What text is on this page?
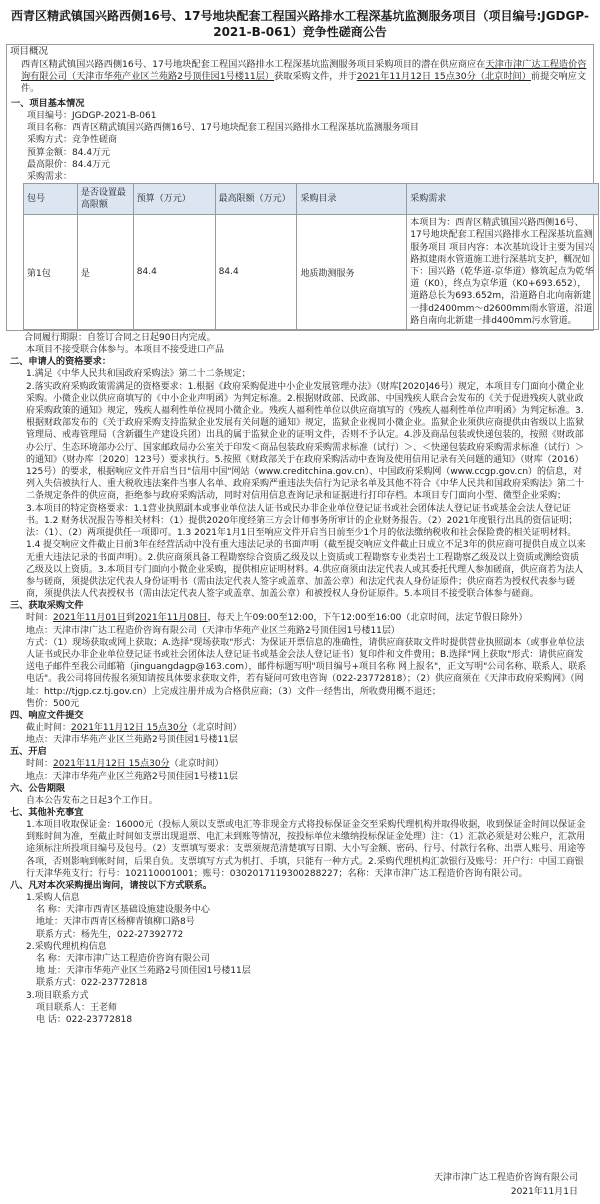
西青区精武镇国兴路西侧16号、17号地块配套工程国兴路排水工程深基坑监测服务项目（项目编号:JGDGP-2021-B-061）竞争性磋商公告
项目概况
西青区精武镇国兴路西侧16号、17号地块配套工程国兴路排水工程深基坑监测服务项目采购项目的潜在供应商应在天津市津广达工程造价咨询有限公司（天津市华苑产业区兰苑路2号顶佳园1号楼11层）获取采购文件，并于2021年11月12日 15点30分（北京时间）前提交响应文件。
一、项目基本情况
项目编号：JGDGP-2021-B-061
项目名称：西青区精武镇国兴路西侧16号、17号地块配套工程国兴路排水工程深基坑监测服务项目
采购方式：竞争性磋商
预算金额：84.4万元
最高限价：84.4万元
采购需求：
包号	是否设置最高限额	预算（万元）	最高限额（万元）	采购目录	采购需求
第1包	是	84.4	84.4	地质勘测服务	本项目为：西青区精武镇国兴路西侧16号、17号地块配套工程国兴路排水工程深基坑监测服务项目 项目内容：本次基坑设计主要为国兴路拟建雨水管道施工进行深基坑支护，概况如下：国兴路（乾华道-京华道）修筑起点为乾华道（K0），终点为京华道（K0+693.652），道路总长为693.652m，沿道路自北向南新建一排d2400mm～d2600mm雨水管道，沿道路自南向北新建一排d400mm污水管道。
合同履行期限：自签订合同之日起90日内完成。
本项目不接受联合体参与。本项目不接受进口产品
二、申请人的资格要求：
1.满足《中华人民共和国政府采购法》第二十二条规定；
2.落实政府采购政策需满足的资格要求：1.根据《政府采购促进中小企业发展管理办法》（财库[2020]46号）规定，本项目专门面向小微企业采购。小微企业以供应商填写的《中小企业声明函》为判定标准。2.根据财政部、民政部、中国残疾人联合会发布的《关于促进残疾人就业政府采购政策的通知》规定，残疾人福利性单位视同小微企业。残疾人福利性单位以供应商填写的《残疾人福利性单位声明函》为判定标准。3.根据财政部发布的《关于政府采购支持监狱企业发展有关问题的通知》规定，监狱企业视同小微企业。监狱企业须供应商提供由省级以上监狱管理局、戒毒管理局（含新疆生产建设兵团）出具的属于监狱企业的证明文件，否则不予认定。4.涉及商品包装或快递包装的，按照《财政部办公厅、生态环境部办公厅、国家邮政局办公室关于印发＜商品包装政府采购需求标准（试行）＞、＜快递包装政府采购需求标准（试行）＞的通知》（财办库〔2020〕123号）要求执行。5.按照《财政部关于在政府采购活动中查询及使用信用记录有关问题的通知》（财库（2016）125号）的要求，根据响应文件开启当日"信用中国"网站（www.creditchina.gov.cn）、中国政府采购网（www.ccgp.gov.cn）的信息，对列入失信被执行人、重大税收违法案件当事人名单、政府采购严重违法失信行为记录名单及其他不符合《中华人民共和国政府采购法》第二十二条规定条件的供应商，拒绝参与政府采购活动，同时对信用信息查询记录和证据进行打印存档。本项目专门面向小型、微型企业采购；
3.本项目的特定资格要求：1.1营业执照副本或事业单位法人证书或民办非企业单位登记证书或社会团体法人登记证书或基金会法人登记证书。1.2 财务状况报告等相关材料：（1）提供2020年度经第三方会计师事务所审计的企业财务报告。（2）2021年度银行出具的资信证明；法：（1）、（2）两项提供任一项即可。1.3 2021年1月1日至响应文件开启当日前至少1个月的依法缴纳税收和社会保险费的相关证明材料。1.4 提交响应文件截止日前3年在经营活动中没有重大违法记录的书面声明（截至提交响应文件截止日成立不足3年的供应商可提供自成立以来无重大违法记录的书面声明）。2.供应商须具备工程勘察综合资质乙级及以上资质或工程勘察专业类岩土工程勘察乙级及以上资质或测绘资质乙级及以上资质。3.本项目专门面向小微企业采购，提供相应证明材料。4.供应商须由法定代表人或其委托代理人参加磋商，供应商若为法人参与磋商，须提供法定代表人身份证明书（需由法定代表人签字或盖章、加盖公章）和法定代表人身份证原件；供应商若为授权代表参与磋商，须提供法人代表授权书（需由法定代表人签字或盖章、加盖公章）和被授权人身份证原件。5.本项目不接受联合体参与磋商。
三、获取采购文件
时间：2021年11月01日到2021年11月08日，每天上午09:00至12:00，下午12:00至16:00（北京时间，法定节假日除外）
地点：天津市津广达工程造价咨询有限公司（天津市华苑产业区兰苑路2号顶佳园1号楼11层）
方式：（1）现场获取或网上获取；A.选择"现场获取"形式：为保证开票信息的准确性，请供应商获取文件时提供营业执照副本（或事业单位法人证书或民办非企业单位登记证书或社会团体法人登记证书或基金会法人登记证书）复印件和文件费用；B.选择"网上获取"形式：请供应商发送电子邮件至我公司邮箱（jinguangdagp@163.com），邮件标题写明"项目编号+项目名称 网上报名"，正文写明"公司名称、联系人、联系电话"。我公司将回传报名须知请按具体要求获取文件，若有疑问可致电咨询（022-23772818）；（2）供应商须在《天津市政府采购网》（网址：http://tjgp.cz.tj.gov.cn）上完成注册并成为合格供应商；（3）文件一经售出，所收费用概不退还；
售价：500元
四、响应文件提交
截止时间：2021年11月12日 15点30分（北京时间）
地点：天津市华苑产业区兰苑路2号顶佳园1号楼11层
五、开启
时间：2021年11月12日 15点30分（北京时间）
地点：天津市华苑产业区兰苑路2号顶佳园1号楼11层
六、公告期限
自本公告发布之日起3个工作日。
七、其他补充事宜
1.本项目收取保证金：16000元（投标人须以支票或电汇等非现金方式将投标保证金交至采购代理机构并取得收据，收到保证金时间以保证金到账时间为准，至截止时间如支票出现退票、电汇未到账等情况，按投标单位未缴纳投标保证金处理）注：（1）汇款必须是对公账户，汇款用途须标注所投项目编号及包号。（2）支票填写要求：支票须规范清楚填写日期、大小写金额、密码、行号、付款行名称、出票人账号、用途等各项，否则影响到帐时间，后果自负。支票填写方式为机打、手填，只能有一种方式。2.采购代理机构汇款银行及账号：开户行：中国工商银行天津华苑支行；行号：102110001001；账号：0302017119300288227；名称：天津市津广达工程造价咨询有限公司。
八、凡对本次采购提出询问，请按以下方式联系。
1.采购人信息
名 称：天津市西青区基础设施建设服务中心
地址：天津市西青区杨柳青镇柳口路8号
联系方式：杨先生，022-27392772
2.采购代理机构信息
名 称：天津市津广达工程造价咨询有限公司
地 址：天津市华苑产业区兰苑路2号顶佳园1号楼11层
联系方式：022-23772818
3.项目联系方式
项目联系人：王老师
电 话：022-23772818
天津市津广达工程造价咨询有限公司
2021年11月1日
